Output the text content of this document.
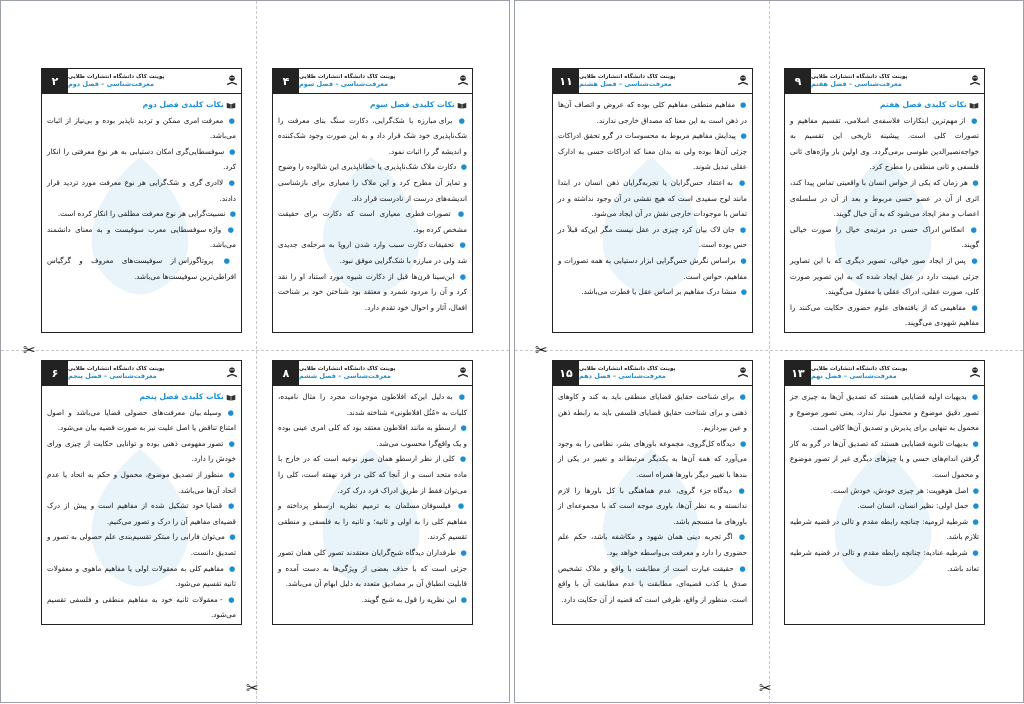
✂
✂
✂
✂
۲	پوینت کاک دانشگاه انتشارات طلایی
معرفت‌شناسی – فصل دوم
نکات کلیدی فصل دوم
● معرفت امری ممکن و تردید ناپذیر بوده و بی‌نیاز از اثبات می‌باشد.
● سوفسطایی‌گری امکان دستیابی به هر نوع معرفتی را انکار کرد.
● لاادری گری و شک‌گرایی هر نوع معرفت مورد تردید قرار دادند.
● نسبیت‌گرایی هر نوع معرفت مطلقی را انکار کرده است.
● واژه سوفسطایی معرب سوفیست و به معنای دانشمند می‌باشد.
● پروتاگوراس از سوفیست‌های معروف و گرگیاس افراطی‌ترین سوفیست‌ها می‌باشد.
۴	پوینت کاک دانشگاه انتشارات طلایی
معرفت‌شناسی – فصل سوم
نکات کلیدی فصل سوم
● برای مبارزه با شک‌گرایی، دکارت سنگ بنای معرفت را شک‌ناپذیری خود شک قرار داد و به این صورت وجود شک‌کننده و اندیشه گر را اثبات نمود.
● دکارت ملاک شک‌ناپذیری یا خطاناپذیری این شالوده را وضوح و تمایز آن مطرح کرد و این ملاک را معیاری برای بازشناسی اندیشه‌های درست از نادرست قرار داد.
● تصورات فطری معیاری است که دکارت برای حقیقت مشخص کرده بود.
● تحقیقات دکارت سبب وارد شدن اروپا به مرحله‌ی جدیدی شد ولی در مبارزه با شک‌گرایی موفق نبود.
● ابن‌سینا قرن‌ها قبل از دکارت شیوه مورد استناد او را نقد کرد و آن را مردود شمرد و معتقد بود شناختن خود بر شناخت افعال، آثار و احوال خود تقدم دارد.
۶	پوینت کاک دانشگاه انتشارات طلایی
معرفت‌شناسی – فصل پنجم
نکات کلیدی فصل پنجم
● وسیله بیان معرفت‌های حصولی قضایا می‌باشد و اصول امتناع تناقض یا اصل علیت نیز به صورت قضیه بیان می‌شود.
● تصور مفهومی ذهنی بوده و توانایی حکایت از چیزی ورای خودش را دارد.
● منظور از تصدیق موضوع، محمول و حکم به اتحاد یا عدم اتحاد آن‌ها می‌باشد.
● قضایا خود تشکیل شده از مفاهیم است و پیش از درک قضیه‌ای مفاهیم آن را درک و تصور می‌کنیم.
● می‌توان فارابی را مبتکر تقسیم‌بندی علم حصولی به تصور و تصدیق دانست.
● مفاهیم کلی به معقولات اولی یا مفاهیم ماهوی و معقولات ثانیه تقسیم می‌شود.
● - معقولات ثانیه خود به مفاهیم منطقی و فلسفی تقسیم می‌شود.
۸	پوینت کاک دانشگاه انتشارات طلایی
معرفت‌شناسی – فصل ششم
● به دلیل این‌که افلاطون موجودات مجرد را مثال نامیده، کلیات به «مُثُل افلاطونی» شناخته شدند.
● ارسطو به مانند افلاطون معتقد بود که کلی امری عینی بوده و یک واقع‌گرا محسوب می‌شد.
● کلی از نظر ارسطو همان صور نوعیه است که در خارج با ماده متحد است و از آنجا که کلی در فرد نهفته است، کلی را می‌توان فقط از طریق ادراک فرد درک کرد.
● فیلسوفان مسلمان به ترمیم نظریه ارسطو پرداخته و مفاهیم کلی را به اولی و ثانیه؛ و ثانیه را به فلسفی و منطقی تقسیم کردند.
● طرفداران دیدگاه شبح‌گرایان معتقدند تصور کلی همان تصور جزئی است که با حذف بعضی از ویژگی‌ها به دست آمده و قابلیت انطباق آن بر مصادیق متعدد به دلیل ابهام آن می‌باشد.
● این نظریه را قول به شبح گویند.
۱۱	پوینت کاک دانشگاه انتشارات طلایی
معرفت‌شناسی – فصل هشتم
● مفاهیم منطقی مفاهیم کلی بوده که عروض و اتصاف آن‌ها در ذهن است به این معنا که مصداق خارجی ندارند.
● پیدایش مفاهیم مربوط به محسوسات در گرو تحقق ادراکات جزئی آن‌ها بوده ولی نه بدان معنا که ادراکات حسی به ادارک عقلی تبدیل شوند.
● به اعتقاد حس‌گرایان یا تجربه‌گرایان ذهن انسان در ابتدا مانند لوح سفیدی است که هیچ نقشی در آن وجود نداشته و در تماس با موجودات خارجی نقش در آن ایجاد می‌شود.
● جان لاک بیان کرد چیزی در عقل نیست مگر این‌که قبلاً در حس بوده است.
● براساس نگرش حس‌گرایی ابزار دستیابی به همه تصورات و مفاهیم، حواس است.
● منشا درک مفاهیم بر اساس عقل یا فطرت می‌باشد.
۹	پوینت کاک دانشگاه انتشارات طلایی
معرفت‌شناسی – فصل هفتم
نکات کلیدی فصل هفتم
● از مهم‌ترین ابتکارات فلاسفه‌ی اسلامی، تقسیم مفاهیم و تصورات کلی است. پیشینه تاریخی این تقسیم به خواجه‌نصیرالدین طوسی برمی‌گردد. وی اولین بار واژه‌های ثانی فلسفی و ثانی منطقی را مطرح کرد.
● هر زمان که یکی از حواس انسان با واقعیتی تماس پیدا کند، اثری از آن در عضو حسی مربوط و بعد از آن در سلسله‌ی اعصاب و مغز ایجاد می‌شود که به آن خیال گویند.
● انعکاس ادراک حسی در مرتبه‌ی خیال را صورت خیالی گویند.
● پس از ایجاد صور خیالی، تصویر دیگری که با این تصاویر جزئی عینیت دارد در عقل ایجاد شده که به این تصویر صورت کلی، صورت عقلی، ادراک عقلی یا معقول می‌گویند.
● مفاهیمی که از یافته‌های علوم حضوری حکایت می‌کنند را مفاهیم شهودی می‌گویند.
۱۵	پوینت کاک دانشگاه انتشارات طلایی
معرفت‌شناسی – فصل دهم
● برای شناخت حقایق قضایای منطقی باید به کند و کاوهای ذهنی و برای شناخت حقایق قضایای فلسفی باید به رابطه ذهن و عین بپردازیم.
● دیدگاه کل‌گروی، مجموعه باورهای بشر، نظامی را به وجود می‌آورد که همه آن‌ها به یکدیگر مرتبط‌اند و تغییر در یکی از بندها با تغییر دیگر باورها همراه است.
● دیدگاه جزء گروی، عدم هماهنگی با کل باورها را لازم ندانسته و به نظر آن‌ها، باوری موجه است که با مجموعه‌ای از باورهای ما منسجم باشد.
● اگر تجربه دینی همان شهود و مکاشفه باشد، حکم علم حضوری را دارد و معرفت بی‌واسطه خواهد بود.
● حقیقت عبارت است از مطابقت با واقع و ملاک تشخیص صدق یا کذب قضیه‌ای، مطابقت یا عدم مطابقت آن با واقع است. منظور از واقع، ظرفی است که قضیه از آن حکایت دارد.
۱۳	پوینت کاک دانشگاه انتشارات طلایی
معرفت‌شناسی – فصل نهم
● بدیهیات اولیه قضایایی هستند که تصدیق آن‌ها به چیزی جز تصور دقیق موضوع و محمول نیاز ندارد، یعنی تصور موضوع و محمول به تنهایی برای پذیرش و تصدیق آن‌ها کافی است.
● بدیهیات ثانویه قضایایی هستند که تصدیق آن‌ها در گرو به کار گرفتن اندام‌های حسی و یا چیزهای دیگری غیر از تصور موضوع و محمول است.
● اصل هوهویت: هر چیزی خودش، خودش است.
● حمل اولی: نظیر انسان، انسان است.
● شرطیه لزومیه: چنانچه رابطه مقدم و تالی در قضیه شرطیه تلازم باشد.
● شرطیه عنادیه: چنانچه رابطه مقدم و تالی در قضیه شرطیه تعاند باشد.
